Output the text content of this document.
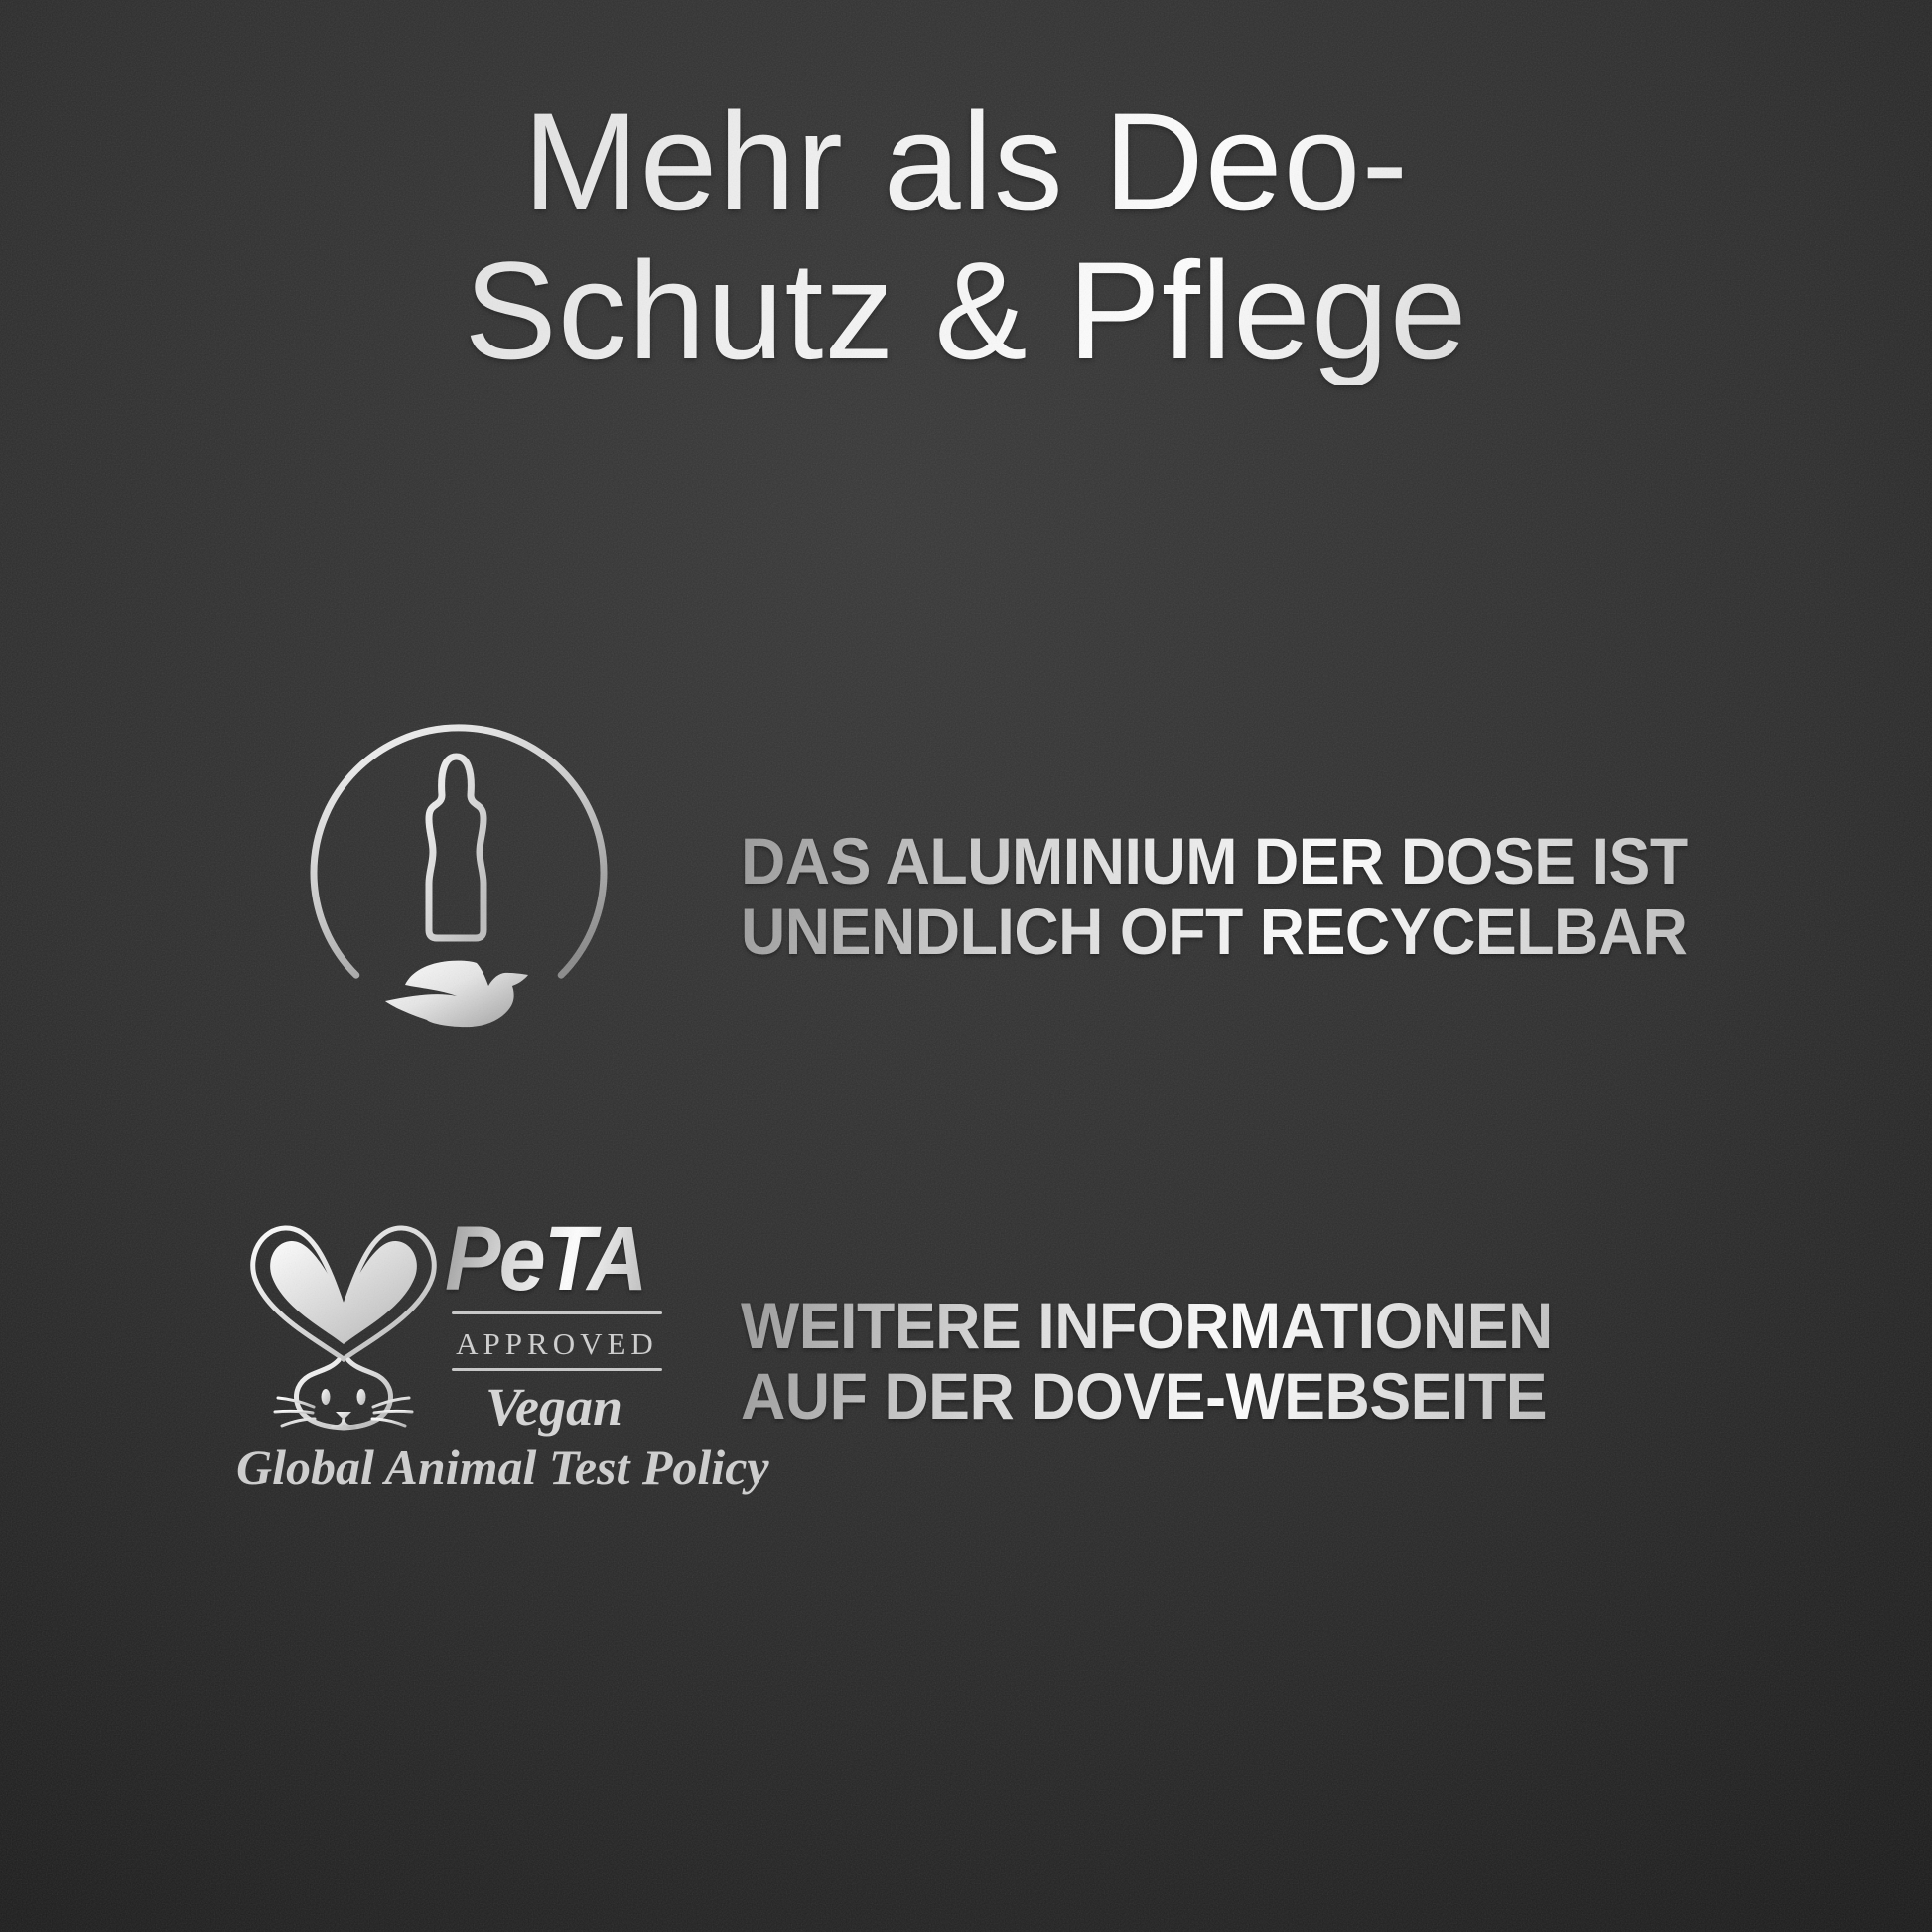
Mehr als Deo-
Schutz & Pflege
DAS ALUMINIUM DER DOSE IST
UNENDLICH OFT RECYCELBAR
PeTA
APPROVED
Vegan
Global Animal Test Policy
WEITERE INFORMATIONEN
AUF DER DOVE-WEBSEITE
